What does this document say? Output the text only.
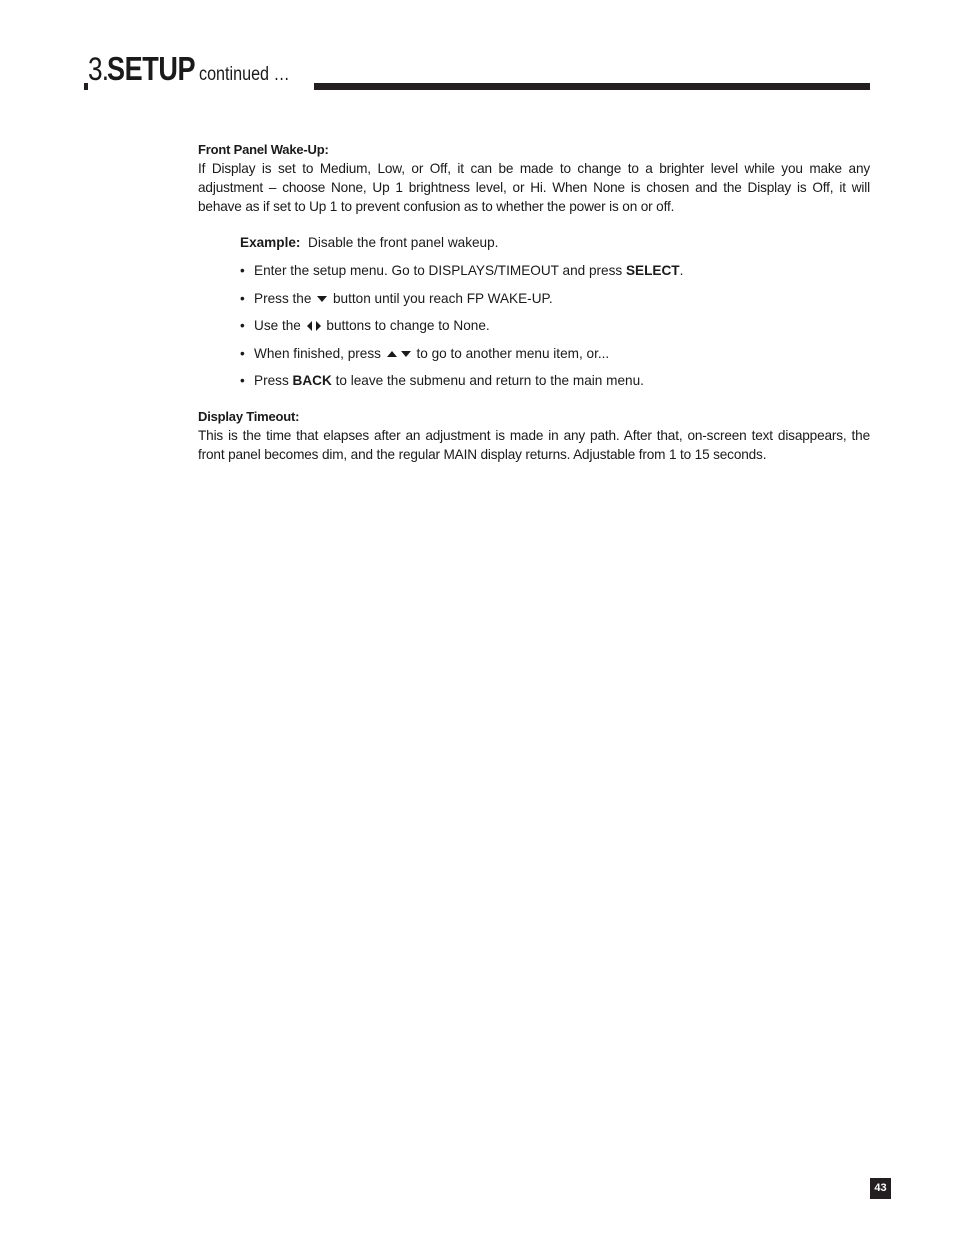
3. SETUP continued …

Front Panel Wake-Up:

If Display is set to Medium, Low, or Off, it can be made to change to a brighter level while you make any adjustment – choose None, Up 1 brightness level, or Hi. When None is chosen and the Display is Off, it will behave as if set to Up 1 to prevent confusion as to whether the power is on or off.

Example: Disable the front panel wakeup.

• Enter the setup menu. Go to DISPLAYS/TIMEOUT and press SELECT.
• Press the  button until you reach FP WAKE-UP.
• Use the  buttons to change to None.
• When finished, press  to go to another menu item, or...
• Press BACK to leave the submenu and return to the main menu.

Display Timeout:

This is the time that elapses after an adjustment is made in any path. After that, on-screen text disappears, the front panel becomes dim, and the regular MAIN display returns. Adjustable from 1 to 15 seconds.

43
